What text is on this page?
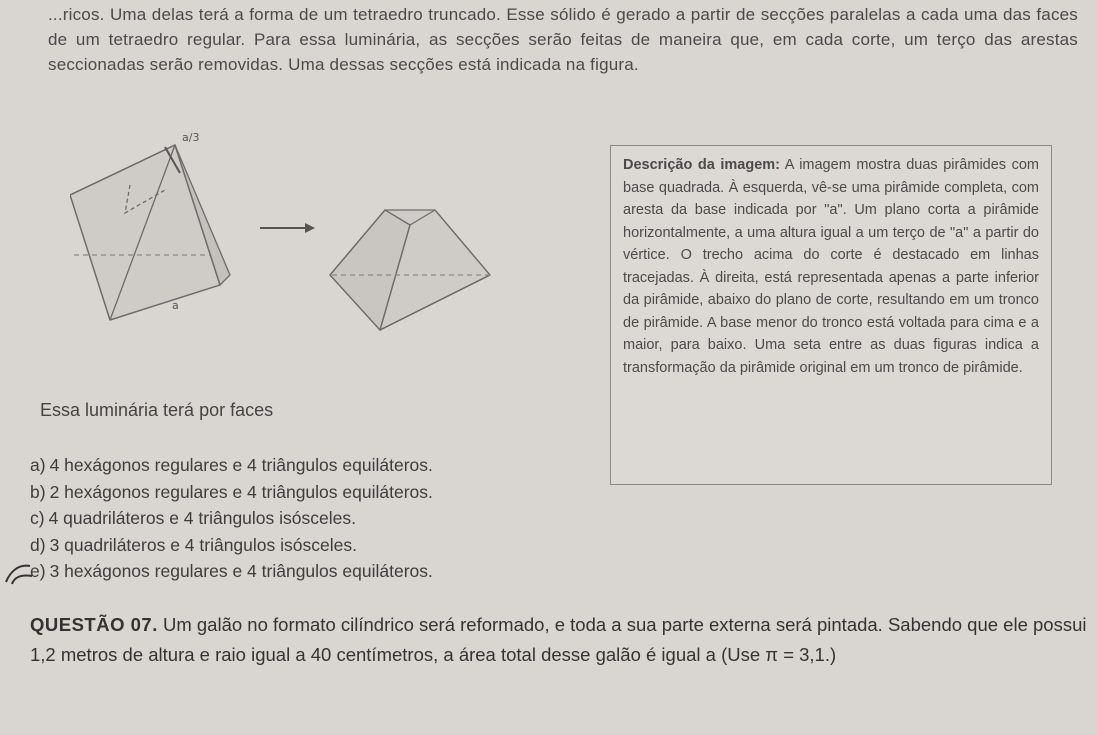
...ricos. Uma delas terá a forma de um tetraedro truncado. Esse sólido é gerado a partir de secções paralelas a cada uma das faces de um tetraedro regular. Para essa luminária, as secções serão feitas de maneira que, em cada corte, um terço das arestas seccionadas serão removidas. Uma dessas secções está indicada na figura.

a/3
a
Descrição da imagem: A imagem mostra duas pirâmides com base quadrada. À esquerda, vê-se uma pirâmide completa, com aresta da base indicada por "a". Um plano corta a pirâmide horizontalmente, a uma altura igual a um terço de "a" a partir do vértice. O trecho acima do corte é destacado em linhas tracejadas. À direita, está representada apenas a parte inferior da pirâmide, abaixo do plano de corte, resultando em um tronco de pirâmide. A base menor do tronco está voltada para cima e a maior, para baixo. Uma seta entre as duas figuras indica a transformação da pirâmide original em um tronco de pirâmide.
Essa luminária terá por faces
a) 4 hexágonos regulares e 4 triângulos equiláteros.
b) 2 hexágonos regulares e 4 triângulos equiláteros.
c) 4 quadriláteros e 4 triângulos isósceles.
d) 3 quadriláteros e 4 triângulos isósceles.
e) 3 hexágonos regulares e 4 triângulos equiláteros.

QUESTÃO 07. Um galão no formato cilíndrico será reformado, e toda a sua parte externa será pintada. Sabendo que ele possui 1,2 metros de altura e raio igual a 40 centímetros, a área total desse galão é igual a (Use π = 3,1.)
